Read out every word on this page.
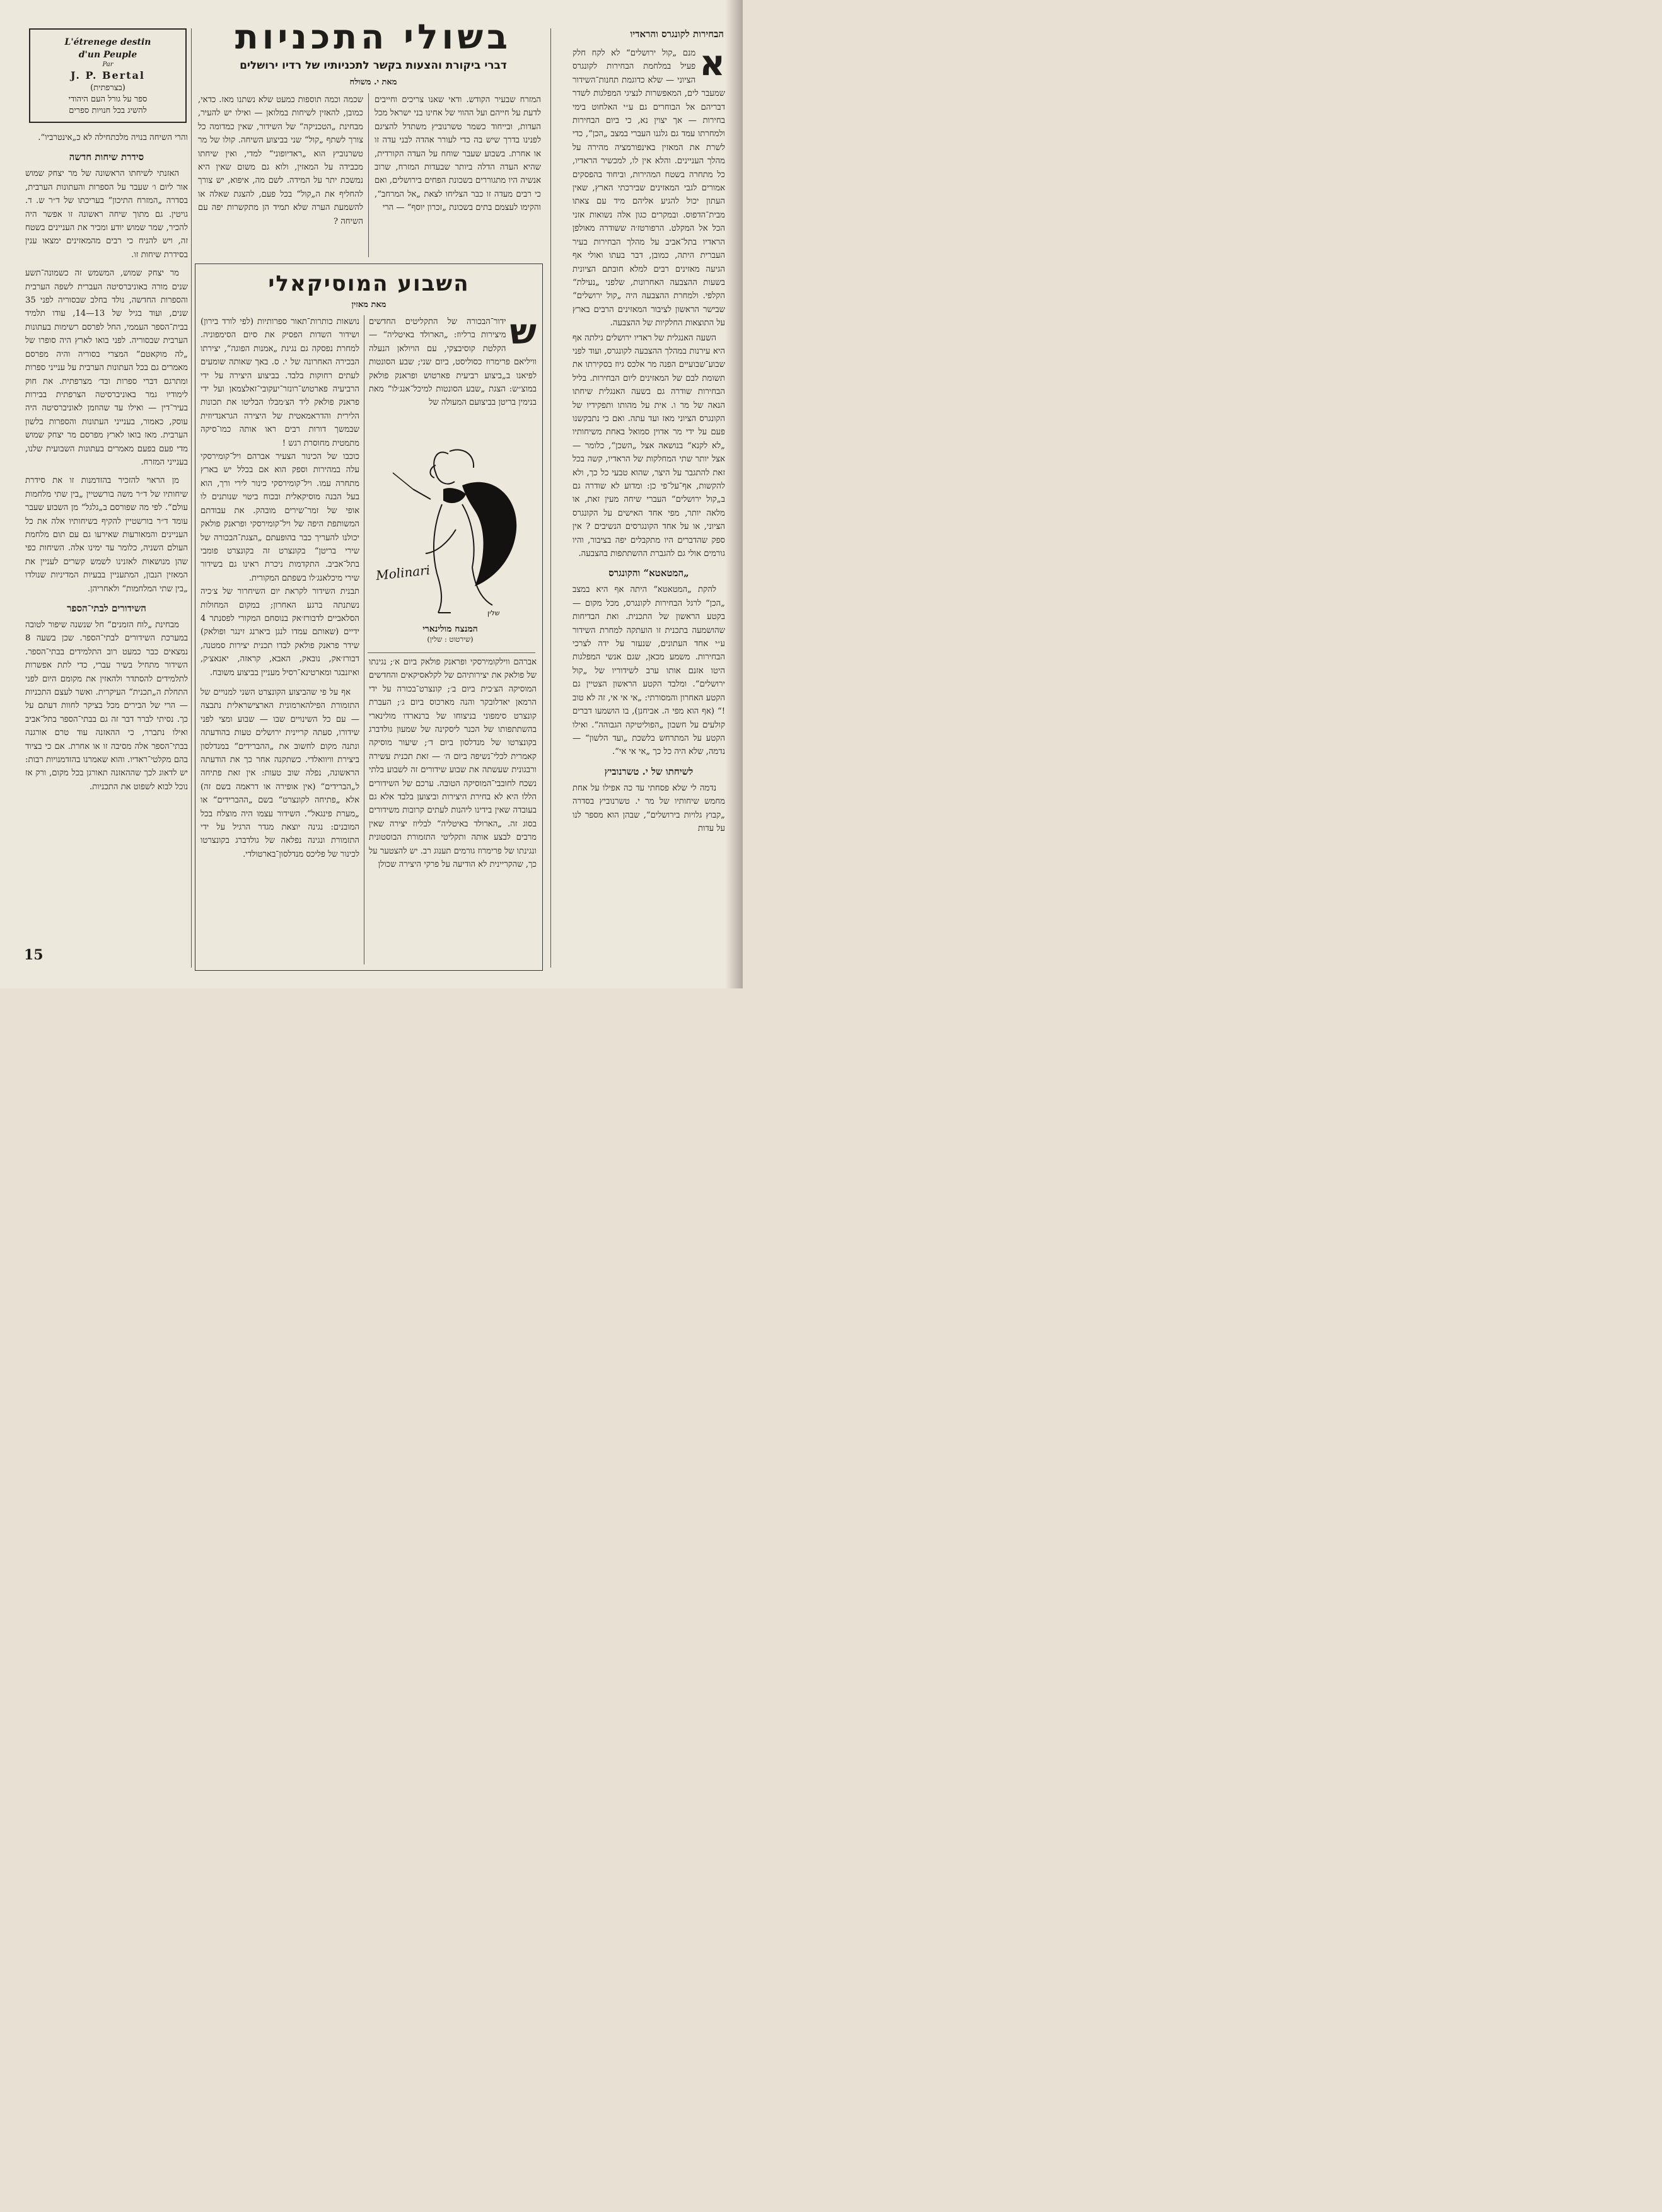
הבחירות לקונגרס והראדיו
א

מנם „קול ירושלים“ לא לקח חלק פעיל במלחמת הבחירות לקונגרס הציוני — שלא כדוגמת תחנות־השידור שמעבר לים, המאפשרות לנציגי המפלגות לשדר דבריהם אל הבוחרים גם ע״י האלחוט בימי בחירות — אך יצוין נא, כי ביום הבחירות ולמחרתו עמד גם גלגנו העברי במצב „הכן“, כדי לשרת את המאזין באינפורמציה מהירה על מהלך העניינים. והלא אין לו, למכשיר הראדיו, כל מתחרה בשטח המהירות, וביחוד בהפסקים אמורים לגבי המאזינים שבירכתי הארץ, שאין העתון יכול להגיע אליהם מיד עם צאתו מבית־הדפוס. ובמקרים כגון אלה נשואות אזני הכל אל המקלט. הרפורטז׳ה ששודרה מאולפן הראדיו בתל־אביב על מהלך הבחירות בעיר העברית היתה, כמובן, דבר בעתו ואולי אף הגיעה מאזינים רבים למלא חובתם הציונית בשעות ההצבעה האחרונות, שלפני „נעילת“ הקלפי. ולמחרת ההצבעה היה „קול ירושלים“ שבישר הראשון לציבור המאזינים הרבים בארץ על התוצאות החלקיות של ההצבעה.

השעה האנגלית של ראדיו ירושלים גילתה אף היא עירנות במהלך ההצבעה לקונגרס, ועוד לפני שבוע־שבועיים הפנה מר אלכס גיוז בסקירתו את תשומת לבם של המאזינים ליום הבחירות. בליל הבחירות שודרה גם בשעה האנגלית שיחתו הנאה של מר ו. אית על מהותו ותפקידיו של הקונגרס הציוני מאז ועד עתה. ואם כי נתבקשנו פעם על ידי מר אדוין סמואל באחת משיחותיו „לא לקנא“ בנושאה אצל „השכן“, כלומר — אצל יותר שתי המחלקות של הראדיו, קשה בכל זאת להתגבר על היצר, שהוא טבעי כל כך, ולא להקשות, אף־על־פי כן: ומדוע לא שודרה גם ב„קול ירושלים“ העברי שיחה מעין זאת, או מלאה יותר, מפי אחד האישים על הקונגרס הציוני, או על אחד הקונגרסים הנשיבים ? אין ספק שהדברים היו מתקבלים יפה בציבור, והיו גורמים אולי גם להגברת ההשתתפות בהצבעה.

„המטאטא“ והקונגרס

להקת „המטאטא“ היתה אף היא במצב „הכן“ לרגל הבחירות לקונגרס, מכל מקום — בקטע הראשון של התכנית. ואת הבדיחות שהושמעה בתכנית זו הועתקה למחרת השידור ע״י אחד העתונים, שנעזר על ידה לצרכי הבחירות. משמע מכאן, שגם אנשי המפלגות היטו אזנם אותו ערב לשידוריו של „קול ירושלים“. ומלבד הקטע הראשון הצטיין גם הקטע האחרון והמסורתי: „אי אי אי, זה לא טוב !“ (אף הוא מפי ה. אביחנן), בו הושמעו דברים קולעים על חשבון „הפוליטיקה הגבוהה“. ואילו הקטע על המתרחש בלשכת „ועד הלשון“ — נדמה, שלא היה כל כך „אי אי אי“.

לשיחתו של י. טשרנוביץ

נדמה לי שלא פסחתי עד כה אפילו על אחת מחמש שיחותיו של מר י. טשרנוביץ בסדרה „קבוץ גלויות בירושלים“, שבהן הוא מספר לנו על עדות

בשולי התכניות
דברי ביקורת והצעות בקשר לתכניותיו של רדיו ירושלים
מאת י. משולח

המזרח שבעיר הקודש. ודאי שאנו צריכים וחייבים לדעת על חייהם ועל ההווי של אחינו בני ישראל מכל העדות, ובייחוד כשמר טשרנוביץ משתדל להציגם לפנינו בדרך שיש בה כדי לעורר אהדה לבני עדה זו או אחרת. בשבוע שעבר שוחח על העדה הקורדית, שהיא העדה הדלה ביותר שבעדות המזרח, שרוב אנשיה היו מתגוררים בשכונת הפחים בירושלים, ואם כי רבים מעדה זו כבר הצליחו לצאת „אל המרחב“, והקימו לעצמם בתים בשכונת „זכרון יוסף“ — הרי

שכמה וכמה תוספות כמעט שלא נשתנו מאז. כדאי, כמובן, להאזין לשיחות במלואן — ואילו יש להעיר, מבחינת „הטכניקה“ של השידור, שאין כמדומה כל צורך לשתף „קול“ שני בביצוע השיחה. קולו של מר טשרנוביץ הוא „ראדיופוני“ למדי, ואין שיחתו מכבידה על המאזין, ולוא גם משום שאין היא נמשכת יתר על המידה. לשם מה, איפוא, יש צורך להחליף את ה„קול“ בכל פעם, להצגת שאלה או להשמעת הערה שלא תמיד הן מתקשרות יפה עם השיחה ?

L'étrenege destin
d'un Peuple
Par
J. P. Bertal
(בצרפתית)
ספר על גורל העם היהודי
להשיג בכל חנויות ספרים

והרי השיחה בנויה מלכתחילה לא כ„אינטרביו“.

סידרת שיחות חדשה

האזנתי לשיחתו הראשונה של מר יצחק שמוש אור ליום ו׳ שעבר על הספרות והעתונות הערבית, בסדרה „המזרח התיכון“ בעריכתו של ד״ר ש. ד. גויטין. גם מתוך שיחה ראשונה זו אפשר היה להכיר, שמר שמוש יודע ומכיר את העניינים בשטח זה, ויש להניח כי רבים מהמאזינים ימצאו ענין בסידרת שיחות זו.

מר יצחק שמוש, המשמש זה כשמונה־תשע שנים מורה באוניברסיטה העברית לשפה הערבית והספרות החדשה, נולד בחלב שבסוריה לפני 35 שנים, ועוד בגיל של 13—14, עודו תלמיד בבית־הספר העממי, החל לפרסם רשימות בעתונות הערבית שבסוריה. לפני בואו לארץ היה סופרו של „לה מוקאטם“ המצרי בסוריה והיה מפרסם מאמרים גם בכל העתונות הערבית על ענייני ספרות ומתרגם דברי ספרות ובד׳ מצרפתית. את חוק לימודיו גמר באוניברסיטה הצרפתית בבירות בעיר־דין — ואילו עד שהוזמן לאוניברסיטה היה עוסק, כאמור, בענייני העתונות והספרות בלשון הערבית. מאז בואו לארץ מפרסם מר יצחק שמוש מדי פעם בפעם מאמרים בעתונות השבועית שלנו, בענייני המזרח.

מן הראוי להזכיר בהזדמנות זו את סידרת שיחותיו של ד״ר משה בורשטיין „בין שתי מלחמות עולם“. לפי מה שפורסם ב„גלגל“ מן השבוע שעבר עומד ד״ר בורשטיין להקיף בשיחותיו אלה את כל העניינים והמאורעות שאירעו גם עם תום מלחמת העולם השניה, כלומר עד ימינו אלה. השיחות כפי שהן מנושאות לאזנינו לשמש קשרים לעניין את המאזין הנבון, המתעניין בבעיות המדיניות שנולדו „בין שתי המלחמות“ ולאחריהן.

השידורים לבתי־הספר

מבחינת „לוח הזמנים“ חל שנשנה שיפור לטובה במערכת השידורים לבתי־הספר. שכן בשעה 8 נמצאים כבר כמעט רוב התלמידים בבתי־הספר. השידור מתחיל בשיר עברי, כדי לתת אפשרות לתלמידים להסתדר ולהאזין את מקומם היום לפני התחלת ה„תכנית“ העיקרית. ואשר לעצם התכניות — הרי של הבירים מכל בציקר לחוות דעתם על כך. נסיתי לברר דבר זה גם בבתי־הספר בתל־אביב ואילו נתברר, כי ההאזנה עוד טרם אורגנה בבתי־הספר אלה מסיבה זו או אחרת. אם כי בציוד בהם מקלטי־ראדיו. והוא שאמרנו בהזדמנויות רבות: יש לדאוג לכך שההאזנה תאורגן בכל מקום, ורק אז נוכל לבוא לשפוט את התכניות.

השבוע המוסיקאלי
מאת מאזין
ש

ידור־הבכורה של התקליטים החדשים מיצירות ברליוז: „הארולד באיטליה“ — הקלטת קוסיבצקי, עם הויולאן הנעלה וויליאם פרימרוז כסוליסט, ביום שני; שבע הסונטות לפיאנו ב„ביצוע רביעית פארטוש ופראנק פולאק במוצ״ש: הצגת „שבע הסונטות למיכל־אנג׳לו“ מאת בנימין בריטן בביצועם המעולה של

Molinari
שלין
המנצח מולינארי
(שירטוט : שלין)

אברהם ווילקומירסקי ופראנק פולאק ביום א׳; נגינתו של פולאק את יצירותיהם של לקלאסיקאים והחדשים המוסיקה הצ׳כית ביום ב׳; קונצרט־בכורה על ידי הרמאן יאדלובקר והנה מארכוס ביום ג׳; העברת קונצרט סימפוני בניצוחו של ברנארדו מולינארי בהשתתפותו של הכנר ליסקינה של שמעון גולדברג בקונצרטו של מנדלסון ביום ד׳; שיעור מוסיקה קאמרית לכלי־נשיפה ביום ה׳ — זאת תכנית עשירה ורבגונית שעשתה את שבוע שידורים זה לשבוע בלתי נשכח לחובבי־המוסיקה הטובה. ערכם של השידורים הללו היא לא בחירת היצירות וביצוען בלבד אלא גם בעובדה שאין בידינו ליהנות לעתים קרובות משידורים בסוג זה. „הארולד באיטליה“ לבליוז יצירה שאין מרבים לבצע אותה ותקליטי התזמורת הבוסטונית ונגינתו של פרימרוז גורמים תענוג רב. יש להצטער על כך, שהקריינית לא הודיעה על פרקי היצירה שכולן

נושאות כותרות־תאור ספרותיות (לפי לורד בירון) ושידור השדות הפסיק את סיום הסימפוניה. למחרת נפסקה גם נגינת „אמנות הפוגה“, יצירתו הבכירה האחרונה של י. ס. באך שאותה שומעים לעתים רחוקות בלבד. בביצוע היצירה על ידי הרביעיה פארטוש־רונזר־יעקובי־זאלצמאן ועל ידי פראנק פולאק ליד הצ׳מבלו הבליטו את תכונות הלירית והדראמאטית של היצירה הגראנדיוזית שבמשך דורות רבים ראו אותה כמו־סיקה מתמטית מחוסרת רגש !
כוכבו של הכינור הצעיר אברהם ויל־קומירסקי עלה במהירות וספק הוא אם בכלל יש בארץ מתחרה עמו. ויל־קומירסקי כינור לירי ורך, הוא בעל הבנה מוסיקאלית ובכוח ביטוי שנותנים לו אופי של זמר־שירים מובהק. את עבודתם המשותפת היפה של ויל־קומירסקי ופראנק פולאק יכולנו להעריך כבר בהופעתם „הצגת־הבכורה של שירי בריטן“ בקונצרט זה בקונצרט פומבי בתל־אביב. התקדמות ניכרת ראינו גם בשידור שירי מיכלאנג׳לו בשפתם המקורית.
תבנית השידור לקראת יום השיחרור של צ׳כיה נשתנתה ברגע האחרון; במקום המחולות הסלאביים לדבורז׳אק בנוסחם המקורי לפסנתר 4 ידיים (שאותם עמדו לנגן ביארנג זינגר ופולאק) שידר פראנק פולאק לבדו תכנית יצירות סמטנה, דבורז׳אק, נובאק, האבא, קראזה, יאנאצ׳ק, ואיזנבגר ומארטינא־רסיל מעניין בביצוע משובח.

אף על פי שהביצוע הקונצרט השני למנויים של התזמורת הפילהארמונית הארצישראלית נתבצה — עם כל השינויים שבו — שבוע ומצי לפני שידורו, סעתה קריינית ירושלים טעות בהודעתה ונתנה מקום לחשוב את „ההברידים“ במנדלסון ביצירת וויוואלדי. כשתקנה אחר כך את הודעתה הראשונה, נפלה שוב טעות: אין זאת פתיחה ל„הברידים“ (אין אופירה או דראמה בשם זה) אלא „פתיחה לקונצרט“ בשם „ההברידים“ או „מערת פינגאל“. השידור עצמו היה מוצלח בכל המובנים: נגינה יוצאת מגדר הרגיל על ידי התזמורת ונגינה נפלאה של גולדברג בקונצרטו לכינור של פליכס מנדלסון־בארטולדי.

15
